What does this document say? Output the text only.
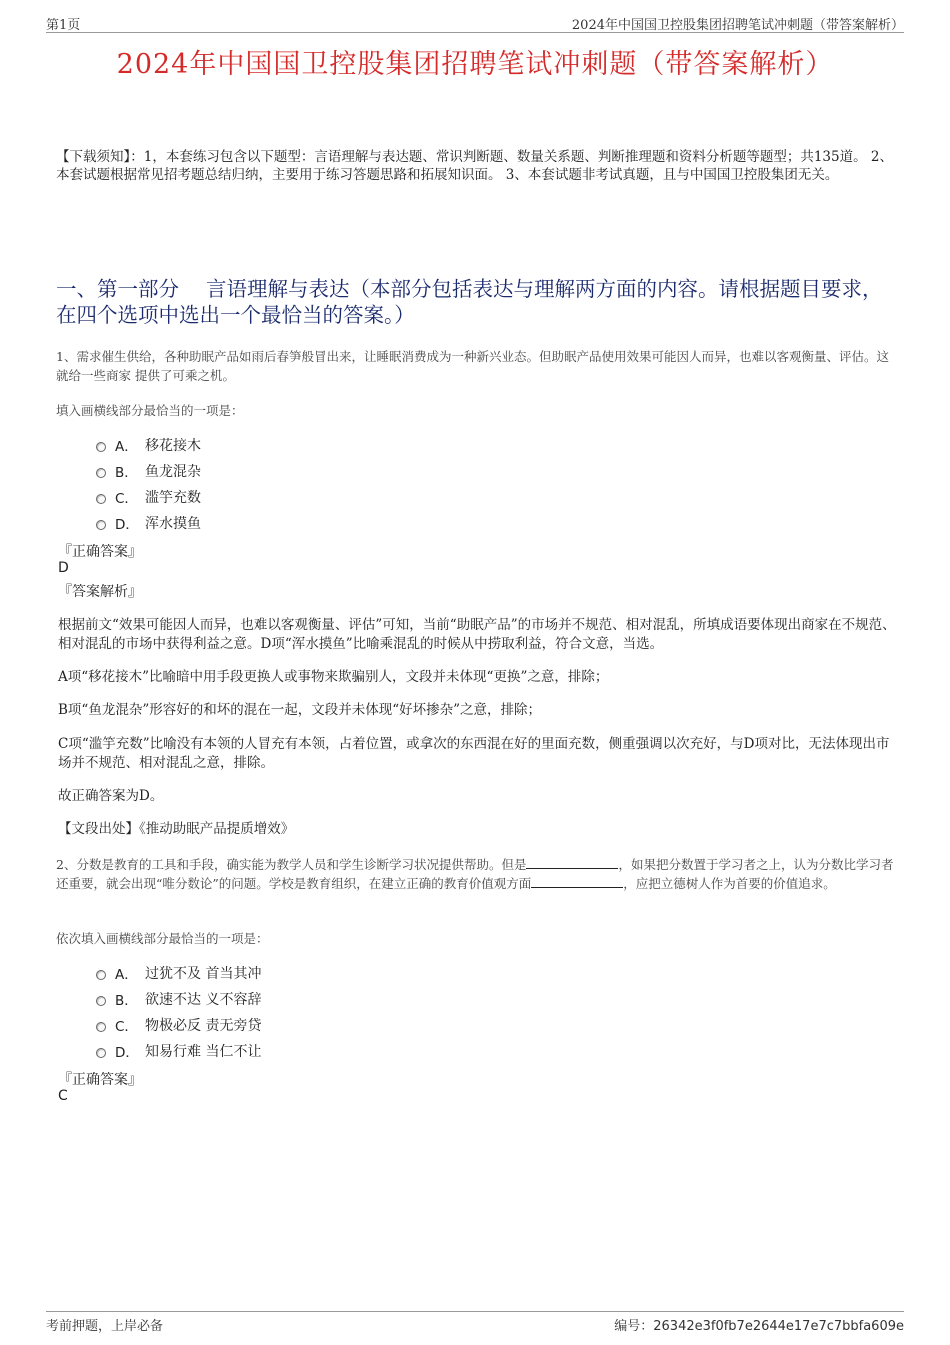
第1页	2024年中国国卫控股集团招聘笔试冲刺题（带答案解析）
2024年中国国卫控股集团招聘笔试冲刺题（带答案解析）
【下载须知】：1，本套练习包含以下题型：言语理解与表达题、常识判断题、数量关系题、判断推理题和资料分析题等题型；共135道。 2、本套试题根据常见招考题总结归纳，主要用于练习答题思路和拓展知识面。 3、本套试题非考试真题，且与中国国卫控股集团无关。
一、第一部分　 言语理解与表达（本部分包括表达与理解两方面的内容。请根据题目要求，在四个选项中选出一个最恰当的答案。）
1、需求催生供给，各种助眠产品如雨后春笋般冒出来，让睡眠消费成为一种新兴业态。但助眠产品使用效果可能因人而异，也难以客观衡量、评估。这就给一些商家 提供了可乘之机。
填入画横线部分最恰当的一项是：
A． 移花接木
B． 鱼龙混杂
C． 滥竽充数
D． 浑水摸鱼
『正确答案』
D
『答案解析』
根据前文“效果可能因人而异，也难以客观衡量、评估”可知，当前“助眠产品”的市场并不规范、相对混乱，所填成语要体现出商家在不规范、相对混乱的市场中获得利益之意。D项“浑水摸鱼”比喻乘混乱的时候从中捞取利益，符合文意，当选。
A项“移花接木”比喻暗中用手段更换人或事物来欺骗别人，文段并未体现“更换”之意，排除；
B项“鱼龙混杂”形容好的和坏的混在一起，文段并未体现“好坏掺杂”之意，排除；
C项“滥竽充数”比喻没有本领的人冒充有本领，占着位置，或拿次的东西混在好的里面充数，侧重强调以次充好，与D项对比，无法体现出市场并不规范、相对混乱之意，排除。
故正确答案为D。
【文段出处】《推动助眠产品提质增效》
2、分数是教育的工具和手段，确实能为教学人员和学生诊断学习状况提供帮助。但是	，如果把分数置于学习者之上，认为分数比学习者还重要，就会出现“唯分数论”的问题。学校是教育组织，在建立正确的教育价值观方面	，应把立德树人作为首要的价值追求。
依次填入画横线部分最恰当的一项是：
A． 过犹不及 首当其冲
B． 欲速不达 义不容辞
C． 物极必反 责无旁贷
D． 知易行难 当仁不让
『正确答案』
C
考前押题，上岸必备	编号：26342e3f0fb7e2644e17e7c7bbfa609e
